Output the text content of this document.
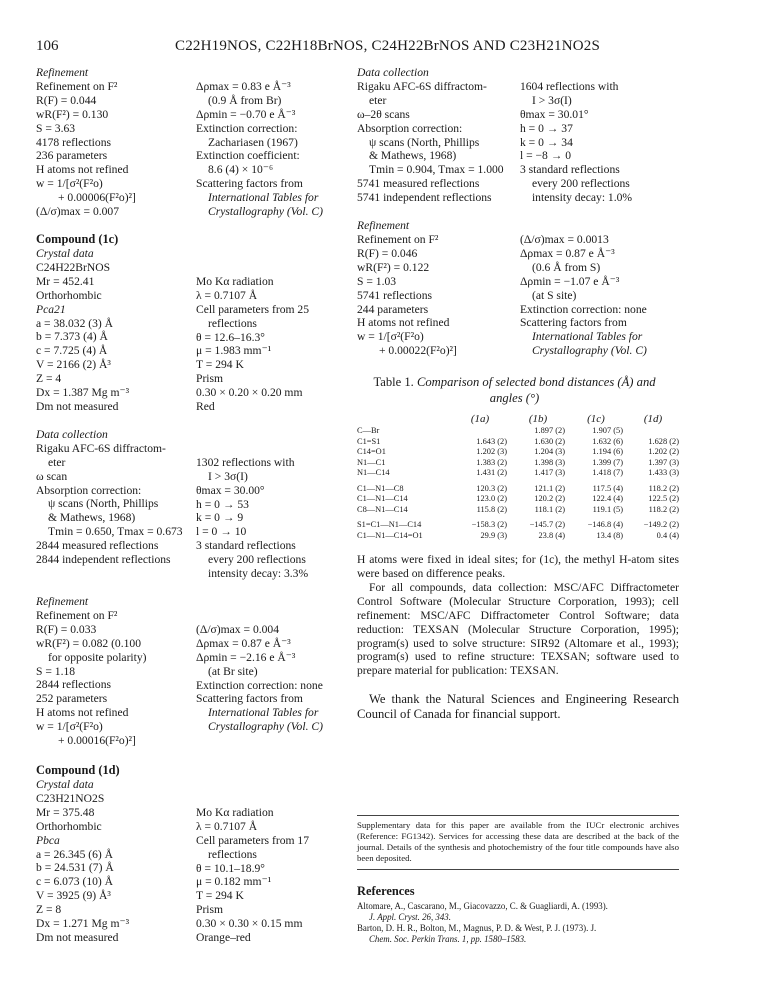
106	C22H19NOS, C22H18BrNOS, C24H22BrNOS AND C23H21NO2S
Refinement
Refinement on F²
R(F) = 0.044
wR(F²) = 0.130
S = 3.63
4178 reflections
236 parameters
H atoms not refined
w = 1/[σ²(F²o)
+ 0.00006(F²o)²]
(Δ/σ)max = 0.007
Δρmax = 0.83 e Å⁻³
(0.9 Å from Br)
Δρmin = −0.70 e Å⁻³
Extinction correction:
Zachariasen (1967)
Extinction coefficient:
8.6 (4) × 10⁻⁶
Scattering factors from
International Tables for
Crystallography (Vol. C)
Compound (1c)
Crystal data
C24H22BrNOS
Mr = 452.41
Orthorhombic
Pca21
a = 38.032 (3) Å
b = 7.373 (4) Å
c = 7.725 (4) Å
V = 2166 (2) Å³
Z = 4
Dx = 1.387 Mg m⁻³
Dm not measured
Mo Kα radiation
λ = 0.7107 Å
Cell parameters from 25
reflections
θ = 12.6–16.3°
μ = 1.983 mm⁻¹
T = 294 K
Prism
0.30 × 0.20 × 0.20 mm
Red
Data collection
Rigaku AFC-6S diffractom-
eter
ω scan
Absorption correction:
ψ scans (North, Phillips
& Mathews, 1968)
Tmin = 0.650, Tmax = 0.673
2844 measured reflections
2844 independent reflections
1302 reflections with
I > 3σ(I)
θmax = 30.00°
h = 0 → 53
k = 0 → 9
l = 0 → 10
3 standard reflections
every 200 reflections
intensity decay: 3.3%
Refinement
Refinement on F²
R(F) = 0.033
wR(F²) = 0.082 (0.100
for opposite polarity)
S = 1.18
2844 reflections
252 parameters
H atoms not refined
w = 1/[σ²(F²o)
+ 0.00016(F²o)²]
(Δ/σ)max = 0.004
Δρmax = 0.87 e Å⁻³
Δρmin = −2.16 e Å⁻³
(at Br site)
Extinction correction: none
Scattering factors from
International Tables for
Crystallography (Vol. C)
Compound (1d)
Crystal data
C23H21NO2S
Mr = 375.48
Orthorhombic
Pbca
a = 26.345 (6) Å
b = 24.531 (7) Å
c = 6.073 (10) Å
V = 3925 (9) Å³
Z = 8
Dx = 1.271 Mg m⁻³
Dm not measured
Mo Kα radiation
λ = 0.7107 Å
Cell parameters from 17
reflections
θ = 10.1–18.9°
μ = 0.182 mm⁻¹
T = 294 K
Prism
0.30 × 0.30 × 0.15 mm
Orange–red
Data collection
Rigaku AFC-6S diffractom-
eter
ω–2θ scans
Absorption correction:
ψ scans (North, Phillips
& Mathews, 1968)
Tmin = 0.904, Tmax = 1.000
5741 measured reflections
5741 independent reflections
1604 reflections with
I > 3σ(I)
θmax = 30.01°
h = 0 → 37
k = 0 → 34
l = −8 → 0
3 standard reflections
every 200 reflections
intensity decay: 1.0%
Refinement
Refinement on F²
R(F) = 0.046
wR(F²) = 0.122
S = 1.03
5741 reflections
244 parameters
H atoms not refined
w = 1/[σ²(F²o)
+ 0.00022(F²o)²]
(Δ/σ)max = 0.0013
Δρmax = 0.87 e Å⁻³
(0.6 Å from S)
Δρmin = −1.07 e Å⁻³
(at S site)
Extinction correction: none
Scattering factors from
International Tables for
Crystallography (Vol. C)
Table 1. Comparison of selected bond distances (Å) and
angles (°)
	(1a)	(1b)	(1c)	(1d)
C—Br		1.897 (2)	1.907 (5)	
C1=S1	1.643 (2)	1.630 (2)	1.632 (6)	1.628 (2)
C14=O1	1.202 (3)	1.204 (3)	1.194 (6)	1.202 (2)
N1—C1	1.383 (2)	1.398 (3)	1.399 (7)	1.397 (3)
N1—C14	1.431 (2)	1.417 (3)	1.418 (7)	1.433 (3)

C1—N1—C8	120.3 (2)	121.1 (2)	117.5 (4)	118.2 (2)
C1—N1—C14	123.0 (2)	120.2 (2)	122.4 (4)	122.5 (2)
C8—N1—C14	115.8 (2)	118.1 (2)	119.1 (5)	118.2 (2)

S1=C1—N1—C14	−158.3 (2)	−145.7 (2)	−146.8 (4)	−149.2 (2)
C1—N1—C14=O1	29.9 (3)	23.8 (4)	13.4 (8)	0.4 (4)
H atoms were fixed in ideal sites; for (1c), the methyl H-atom sites were based on difference peaks.
For all compounds, data collection: MSC/AFC Diffractometer Control Software (Molecular Structure Corporation, 1993); cell refinement: MSC/AFC Diffractometer Control Software; data reduction: TEXSAN (Molecular Structure Corporation, 1995); program(s) used to solve structure: SIR92 (Altomare et al., 1993); program(s) used to refine structure: TEXSAN; software used to prepare material for publication: TEXSAN.
We thank the Natural Sciences and Engineering Research Council of Canada for financial support.
Supplementary data for this paper are available from the IUCr electronic archives (Reference: FG1342). Services for accessing these data are described at the back of the journal. Details of the synthesis and photochemistry of the four title compounds have also been deposited.
References
Altomare, A., Cascarano, M., Giacovazzo, C. & Guagliardi, A. (1993).
J. Appl. Cryst. 26, 343.
Barton, D. H. R., Bolton, M., Magnus, P. D. & West, P. J. (1973). J.
Chem. Soc. Perkin Trans. 1, pp. 1580–1583.
